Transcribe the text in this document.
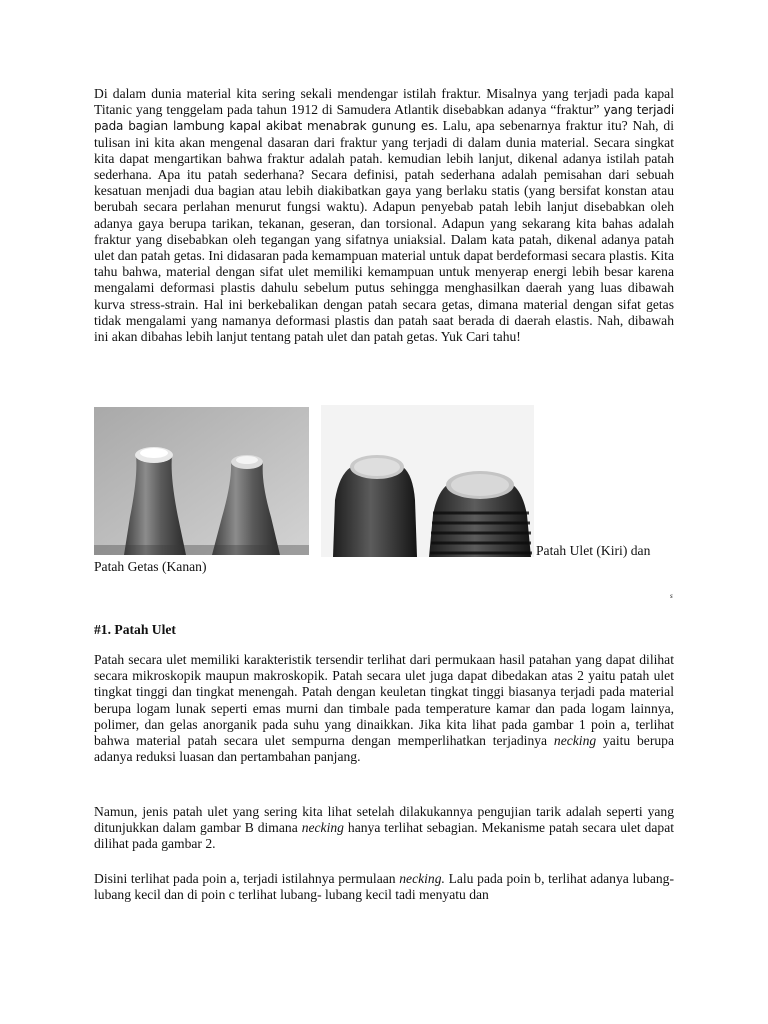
Di dalam dunia material kita sering sekali mendengar istilah fraktur. Misalnya yang terjadi pada kapal Titanic yang tenggelam pada tahun 1912 di Samudera Atlantik disebabkan adanya “fraktur” yang terjadi pada bagian lambung kapal akibat menabrak gunung es. Lalu, apa sebenarnya fraktur itu? Nah, di tulisan ini kita akan mengenal dasaran dari fraktur yang terjadi di dalam dunia material. Secara singkat kita dapat mengartikan bahwa fraktur adalah patah. kemudian lebih lanjut, dikenal adanya istilah patah sederhana. Apa itu patah sederhana? Secara definisi, patah sederhana adalah pemisahan dari sebuah kesatuan menjadi dua bagian atau lebih diakibatkan gaya yang berlaku statis (yang bersifat konstan atau berubah secara perlahan menurut fungsi waktu). Adapun penyebab patah lebih lanjut disebabkan oleh adanya gaya berupa tarikan, tekanan, geseran, dan torsional. Adapun yang sekarang kita bahas adalah fraktur yang disebabkan oleh tegangan yang sifatnya uniaksial. Dalam kata patah, dikenal adanya patah ulet dan patah getas. Ini didasaran pada kemampuan material untuk dapat berdeformasi secara plastis. Kita tahu bahwa, material dengan sifat ulet memiliki kemampuan untuk menyerap energi lebih besar karena mengalami deformasi plastis dahulu sebelum putus sehingga menghasilkan daerah yang luas dibawah kurva stress-strain. Hal ini berkebalikan dengan patah secara getas, dimana material dengan sifat getas tidak mengalami yang namanya deformasi plastis dan patah saat berada di daerah elastis. Nah, dibawah ini akan dibahas lebih lanjut tentang patah ulet dan patah getas. Yuk Cari tahu!

Patah Ulet (Kiri) dan
Patah Getas (Kanan)
s
#1. Patah Ulet

Patah secara ulet memiliki karakteristik tersendir terlihat dari permukaan hasil patahan yang dapat dilihat secara mikroskopik maupun makroskopik. Patah secara ulet juga dapat dibedakan atas 2 yaitu patah ulet tingkat tinggi dan tingkat menengah. Patah dengan keuletan tingkat tinggi biasanya terjadi pada material berupa logam lunak seperti emas murni dan timbale pada temperature kamar dan pada logam lainnya, polimer, dan gelas anorganik pada suhu yang dinaikkan. Jika kita lihat pada gambar 1 poin a, terlihat bahwa material patah secara ulet sempurna dengan memperlihatkan terjadinya necking yaitu berupa adanya reduksi luasan dan pertambahan panjang.

Namun, jenis patah ulet yang sering kita lihat setelah dilakukannya pengujian tarik adalah seperti yang ditunjukkan dalam gambar B dimana necking hanya terlihat sebagian. Mekanisme patah secara ulet dapat dilihat pada gambar 2.

Disini terlihat pada poin a, terjadi istilahnya permulaan necking. Lalu pada poin b, terlihat adanya lubang-lubang kecil dan di poin c terlihat lubang- lubang kecil tadi menyatu dan
